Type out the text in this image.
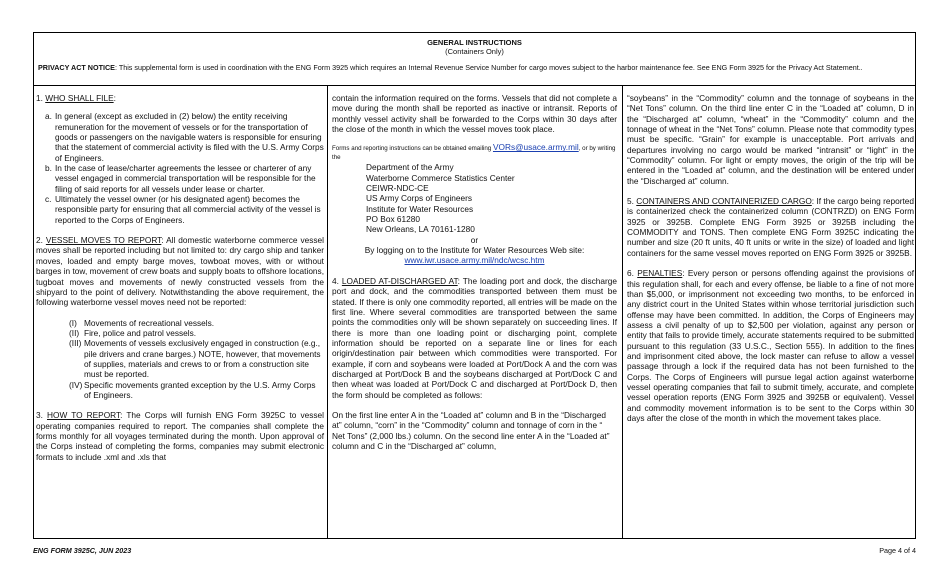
GENERAL INSTRUCTIONS
(Containers Only)
PRIVACY ACT NOTICE: This supplemental form is used in coordination with the ENG Form 3925 which requires an Internal Revenue Service Number for cargo moves subject to the harbor maintenance fee. See ENG Form 3925 for the Privacy Act Statement..

1. WHO SHALL FILE:

a. In general (except as excluded in (2) below) the entity receiving remuneration for the movement of vessels or for the transportation of goods or passengers on the navigable waters is responsible for ensuring that the statement of commercial activity is filed with the U.S. Army Corps of Engineers.
b. In the case of lease/charter agreements the lessee or charterer of any vessel engaged in commercial transportation will be responsible for the filing of said reports for all vessels under lease or charter.
c. Ultimately the vessel owner (or his designated agent) becomes the responsible party for ensuring that all commercial activity of the vessel is reported to the Corps of Engineers.

2. VESSEL MOVES TO REPORT: All domestic waterborne commerce vessel moves shall be reported including but not limited to: dry cargo ship and tanker moves, loaded and empty barge moves, towboat moves, with or without barges in tow, movement of crew boats and supply boats to offshore locations, tugboat moves and movements of newly constructed vessels from the shipyard to the point of delivery. Notwithstanding the above requirement, the following waterborne vessel moves need not be reported:

(I) Movements of recreational vessels.
(II) Fire, police and patrol vessels.
(III) Movements of vessels exclusively engaged in construction (e.g., pile drivers and crane barges.) NOTE, however, that movements of supplies, materials and crews to or from a construction site must be reported.
(IV) Specific movements granted exception by the U.S. Army Corps of Engineers.

3. HOW TO REPORT: The Corps will furnish ENG Form 3925C to vessel operating companies required to report. The companies shall complete the forms monthly for all voyages terminated during the month. Upon approval of the Corps instead of completing the forms, companies may submit electronic formats to include .xml and .xls that

contain the information required on the forms. Vessels that did not complete a move during the month shall be reported as inactive or intransit. Reports of monthly vessel activity shall be forwarded to the Corps within 30 days after the close of the month in which the vessel moves took place.

Forms and reporting instructions can be obtained emailing VORs@usace.army.mil, or by writing the

Department of the Army
Waterborne Commerce Statistics Center
CEIWR-NDC-CE
US Army Corps of Engineers
Institute for Water Resources
PO Box 61280
New Orleans, LA 70161-1280
or
By logging on to the Institute for Water Resources Web site:
www.iwr.usace.army.mil/ndc/wcsc.htm

4. LOADED AT-DISCHARGED AT: The loading port and dock, the discharge port and dock, and the commodities transported between them must be stated. If there is only one commodity reported, all entries will be made on the first line. Where several commodities are transported between the same points the commodities only will be shown separately on succeeding lines. If there is more than one loading point or discharging point, complete information should be reported on a separate line or lines for each origin/destination pair between which commodities were transported. For example, if corn and soybeans were loaded at Port/Dock A and the corn was discharged at Port/Dock B and the soybeans discharged at Port/Dock C and then wheat was loaded at Port/Dock C and discharged at Port/Dock D, then the form should be completed as follows:

On the first line enter A in the “Loaded at” column and B in the “Discharged at” column, “corn” in the “Commodity” column and tonnage of corn in the “ Net Tons” (2,000 lbs.) column. On the second line enter A in the “Loaded at” column and C in the “Discharged at” column,

“soybeans” in the “Commodity” column and the tonnage of soybeans in the “Net Tons” column. On the third line enter C in the “Loaded at” column, D in the “Discharged at” column, “wheat” in the “Commodity” column and the tonnage of wheat in the “Net Tons” column. Please note that commodity types must be specific. “Grain” for example is unacceptable. Port arrivals and departures involving no cargo would be marked “intransit” or “light” in the “Commodity” column. For light or empty moves, the origin of the trip will be entered in the “Loaded at” column, and the destination will be entered under the “Discharged at” column.

5. CONTAINERS AND CONTAINERIZED CARGO: If the cargo being reported is containerized check the containerized column (CONTRZD) on ENG Form 3925 or 3925B. Complete ENG Form 3925 or 3925B including the COMMODITY and TONS. Then complete ENG Form 3925C indicating the number and size (20 ft units, 40 ft units or write in the size) of loaded and light containers for the same vessel moves reported on ENG Form 3925 or 3925B.

6. PENALTIES: Every person or persons offending against the provisions of this regulation shall, for each and every offense, be liable to a fine of not more than $5,000, or imprisonment not exceeding two months, to be enforced in any district court in the United States within whose territorial jurisdiction such offense may have been committed. In addition, the Corps of Engineers may assess a civil penalty of up to $2,500 per violation, against any person or entity that fails to provide timely, accurate statements required to be submitted pursuant to this regulation (33 U.S.C., Section 555). In addition to the fines and imprisonment cited above, the lock master can refuse to allow a vessel passage through a lock if the required data has not been furnished to the Corps. The Corps of Engineers will pursue legal action against waterborne vessel operating companies that fail to submit timely, accurate, and complete vessel operation reports (ENG Form 3925 and 3925B or equivalent). Vessel and commodity movement information is to be sent to the Corps within 30 days after the close of the month in which the movement takes place.

ENG FORM 3925C, JUN 2023	Page 4 of 4
